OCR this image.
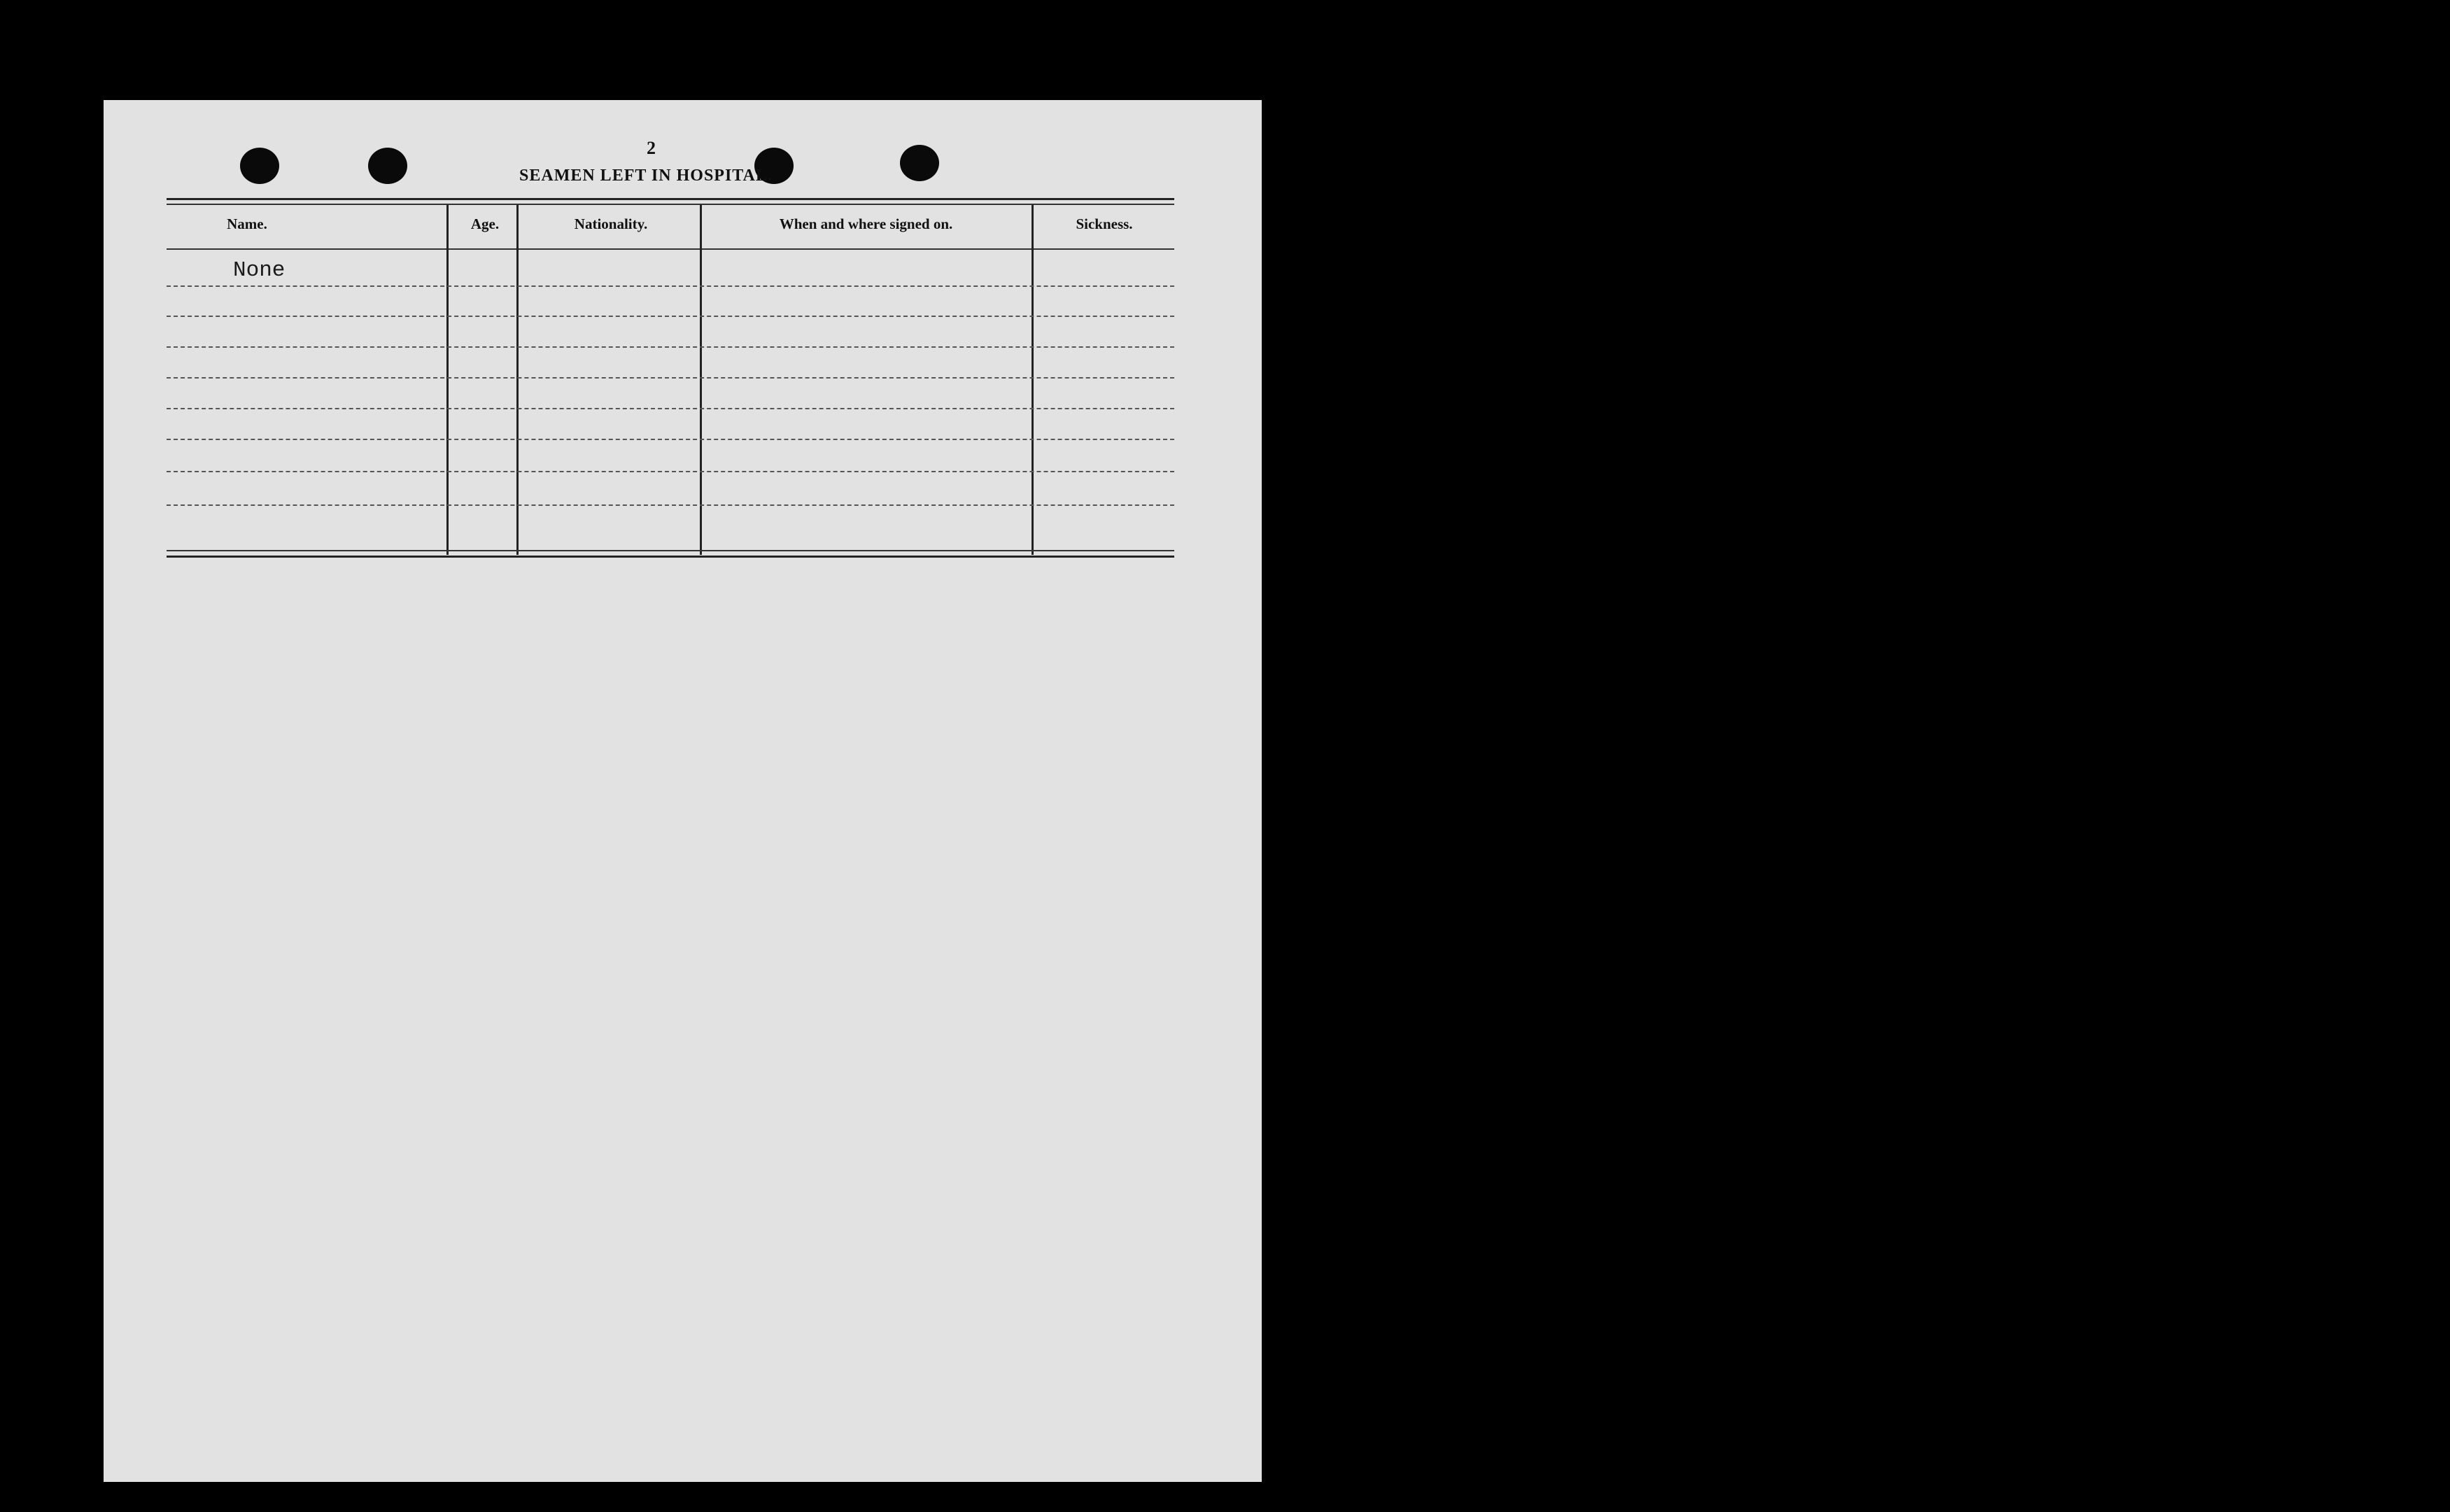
2
SEAMEN LEFT IN HOSPITAL.
Name.	Age.	Nationality.	When and where signed on.	Sickness.
None
